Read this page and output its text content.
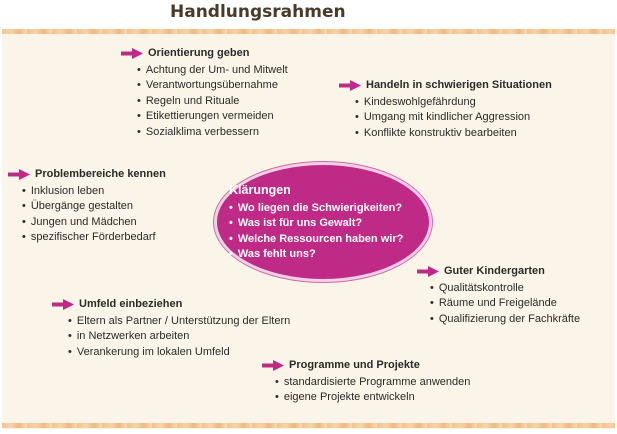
Handlungsrahmen
Klärungen
• Wo liegen die Schwierigkeiten?
• Was ist für uns Gewalt?
• Welche Ressourcen haben wir?
• Was fehlt uns?
Orientierung geben
• Achtung der Um- und Mitwelt
• Verantwortungsübernahme
• Regeln und Rituale
• Etikettierungen vermeiden
• Sozialklima verbessern
Handeln in schwierigen Situationen
• Kindeswohlgefährdung
• Umgang mit kindlicher Aggression
• Konflikte konstruktiv bearbeiten
Problembereiche kennen
• Inklusion leben
• Übergänge gestalten
• Jungen und Mädchen
• spezifischer Förderbedarf
Guter Kindergarten
• Qualitätskontrolle
• Räume und Freigelände
• Qualifizierung der Fachkräfte
Umfeld einbeziehen
• Eltern als Partner / Unterstützung der Eltern
• in Netzwerken arbeiten
• Verankerung im lokalen Umfeld
Programme und Projekte
• standardisierte Programme anwenden
• eigene Projekte entwickeln
